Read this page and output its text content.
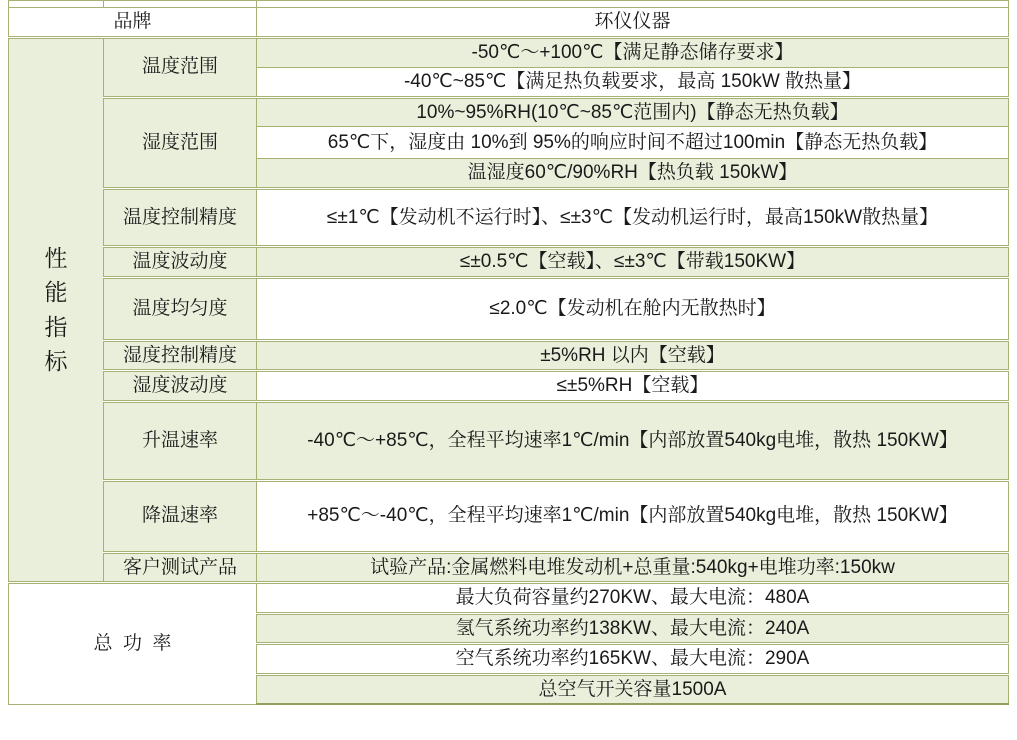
品牌		环仪仪器

性能指标	温度范围	-50℃～+100℃【满足静态储存要求】
		-40℃~85℃【满足热负载要求，最高 150kW 散热量】
	湿度范围	10%~95%RH(10℃~85℃范围内)【静态无热负载】
		65℃下，湿度由 10%到 95%的响应时间不超过100min【静态无热负载】
		温湿度60℃/90%RH【热负载 150kW】
	温度控制精度	≤±1℃【发动机不运行时】、≤±3℃【发动机运行时，最高150kW散热量】
	温度波动度	≤±0.5℃【空载】、≤±3℃【带载150KW】
	温度均匀度	≤2.0℃【发动机在舱内无散热时】
	湿度控制精度	±5%RH 以内【空载】
	湿度波动度	≤±5%RH【空载】
	升温速率	-40℃～+85℃，全程平均速率1℃/min【内部放置540kg电堆，散热 150KW】
	降温速率	+85℃～-40℃，全程平均速率1℃/min【内部放置540kg电堆，散热 150KW】
	客户测试产品	试验产品:金属燃料电堆发动机+总重量:540kg+电堆功率:150kw
总功率		最大负荷容量约270KW、最大电流：480A
		氢气系统功率约138KW、最大电流：240A
		空气系统功率约165KW、最大电流：290A
		总空气开关容量1500A
